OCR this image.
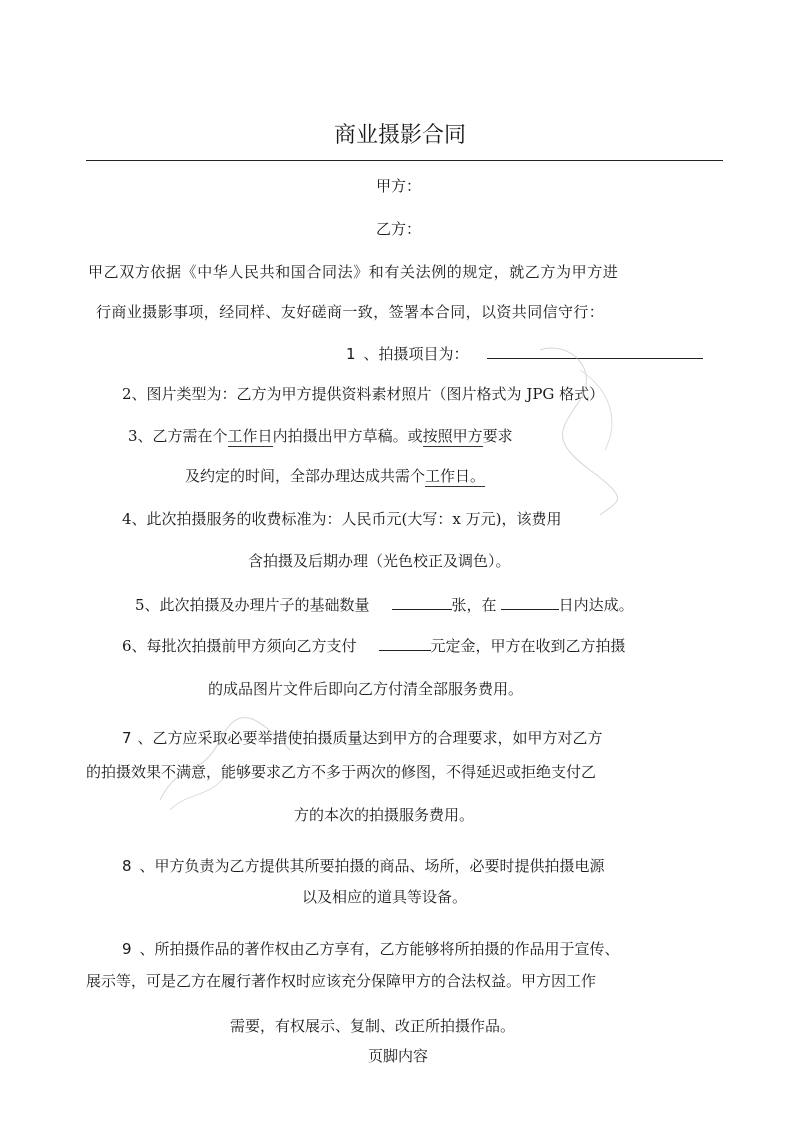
商业摄影合同
甲方：
乙方：
甲乙双方依据《中华人民共和国合同法》和有关法例的规定，就乙方为甲方进
行商业摄影事项，经同样、友好磋商一致，签署本合同，以资共同信守行：
1 、拍摄项目为：
2、图片类型为：乙方为甲方提供资料素材照片（图片格式为 JPG 格式）
3、乙方需在个工作日内拍摄出甲方草稿。或按照甲方要求
及约定的时间，全部办理达成共需个工作日。
4、此次拍摄服务的收费标准为：人民币元(大写：x 万元)，该费用
含拍摄及后期办理（光色校正及调色）。
5、此次拍摄及办理片子的基础数量	张，在	日内达成。
6、每批次拍摄前甲方须向乙方支付	元定金，甲方在收到乙方拍摄
的成品图片文件后即向乙方付清全部服务费用。
7 、乙方应采取必要举措使拍摄质量达到甲方的合理要求，如甲方对乙方
的拍摄效果不满意，能够要求乙方不多于两次的修图，不得延迟或拒绝支付乙
方的本次的拍摄服务费用。
8 、甲方负责为乙方提供其所要拍摄的商品、场所，必要时提供拍摄电源
以及相应的道具等设备。
9 、所拍摄作品的著作权由乙方享有，乙方能够将所拍摄的作品用于宣传、
展示等，可是乙方在履行著作权时应该充分保障甲方的合法权益。甲方因工作
需要，有权展示、复制、改正所拍摄作品。
页脚内容
